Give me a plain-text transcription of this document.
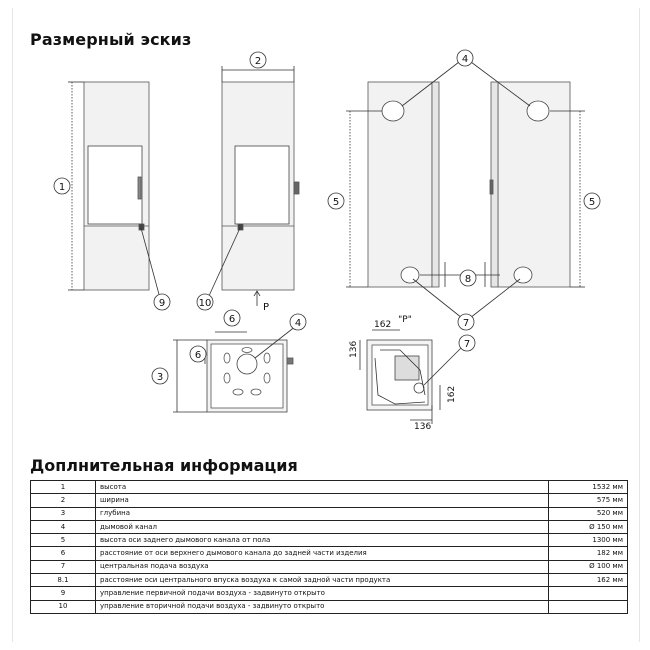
Размерный эскиз
1
2	4
5	5
8
7
9	10
6
6
4
3
7
P
"P"
162
136
162
136
Доплнительная информация
1	высота	1532 мм
2	ширина	575 мм
3	глубина	520 мм
4	дымовой канал	Ø 150 мм
5	высота оси заднего дымового канала от пола	1300 мм
6	расстояние от оси верхнего дымового канала до задней части изделия	182 мм
7	центральная подача воздуха	Ø 100 мм
8.1	расстояние оси центрального впуска воздуха к самой задной части продукта	162 мм
9	управление первичной подачи воздуха - задвинуто открыто	
10	управление вторичной подачи воздуха - задвинуто открыто	
